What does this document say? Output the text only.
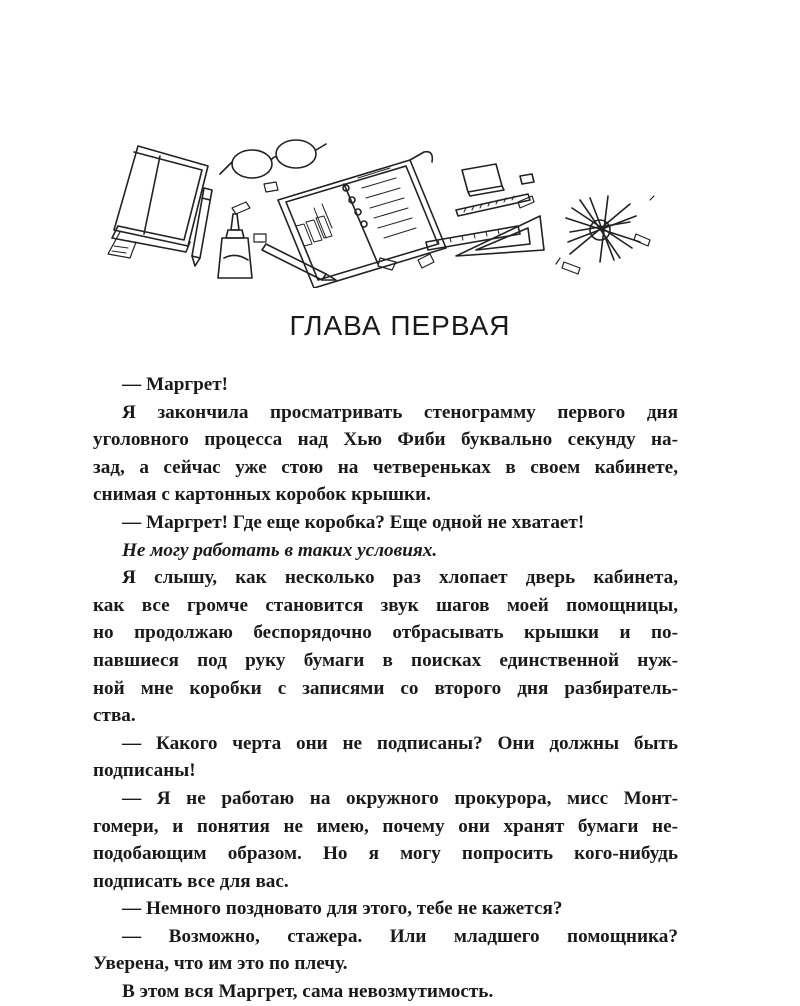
ГЛАВА ПЕРВАЯ
— Маргрет!
Я закончила просматривать стенограмму первого дня
уголовного процесса над Хью Фиби буквально секунду на-
зад, а сейчас уже стою на четвереньках в своем кабинете,
снимая с картонных коробок крышки.
— Маргрет! Где еще коробка? Еще одной не хватает!
Не могу работать в таких условиях.
Я слышу, как несколько раз хлопает дверь кабинета,
как все громче становится звук шагов моей помощницы,
но продолжаю беспорядочно отбрасывать крышки и по-
павшиеся под руку бумаги в поисках единственной нуж-
ной мне коробки с записями со второго дня разбиратель-
ства.
— Какого черта они не подписаны? Они должны быть
подписаны!
— Я не работаю на окружного прокурора, мисс Монт-
гомери, и понятия не имею, почему они хранят бумаги не-
подобающим образом. Но я могу попросить кого-нибудь
подписать все для вас.
— Немного поздновато для этого, тебе не кажется?
— Возможно, стажера. Или младшего помощника?
Уверена, что им это по плечу.
В этом вся Маргрет, сама невозмутимость.
